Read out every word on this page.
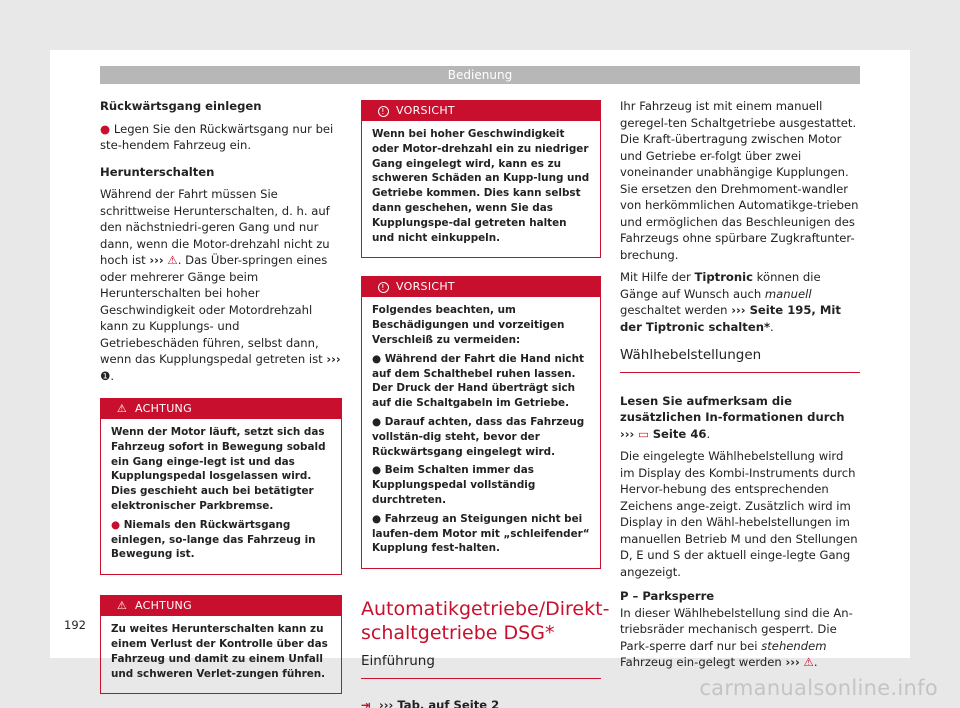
Bedienung

Rückwärtsgang einlegen

● Legen Sie den Rückwärtsgang nur bei ste-hendem Fahrzeug ein.

Herunterschalten

Während der Fahrt müssen Sie schrittweise Herunterschalten, d. h. auf den nächstniedri-geren Gang und nur dann, wenn die Motor-drehzahl nicht zu hoch ist ››› ⚠. Das Über-springen eines oder mehrerer Gänge beim Herunterschalten bei hoher Geschwindigkeit oder Motordrehzahl kann zu Kupplungs- und Getriebeschäden führen, selbst dann, wenn das Kupplungspedal getreten ist ››› ❶.

⚠ ACHTUNG

Wenn der Motor läuft, setzt sich das Fahrzeug sofort in Bewegung sobald ein Gang einge-legt ist und das Kupplungspedal losgelassen wird. Dies geschieht auch bei betätigter elektronischer Parkbremse.

● Niemals den Rückwärtsgang einlegen, so-lange das Fahrzeug in Bewegung ist.

⚠ ACHTUNG

Zu weites Herunterschalten kann zu einem Verlust der Kontrolle über das Fahrzeug und damit zu einem Unfall und schweren Verlet-zungen führen.

! VORSICHT

Wenn bei hoher Geschwindigkeit oder Motor-drehzahl ein zu niedriger Gang eingelegt wird, kann es zu schweren Schäden an Kupp-lung und Getriebe kommen. Dies kann selbst dann geschehen, wenn Sie das Kupplungspe-dal getreten halten und nicht einkuppeln.

! VORSICHT

Folgendes beachten, um Beschädigungen und vorzeitigen Verschleiß zu vermeiden:

● Während der Fahrt die Hand nicht auf dem Schalthebel ruhen lassen. Der Druck der Hand überträgt sich auf die Schaltgabeln im Getriebe.

● Darauf achten, dass das Fahrzeug vollstän-dig steht, bevor der Rückwärtsgang eingelegt wird.

● Beim Schalten immer das Kupplungspedal vollständig durchtreten.

● Fahrzeug an Steigungen nicht bei laufen-dem Motor mit „schleifender“ Kupplung fest-halten.

Automatikgetriebe/Direkt-schaltgetriebe DSG*
Einführung
⇥ ››› Tab. auf Seite 2

Ihr Fahrzeug ist mit einem manuell geregel-ten Schaltgetriebe ausgestattet. Die Kraft-übertragung zwischen Motor und Getriebe er-folgt über zwei voneinander unabhängige Kupplungen. Sie ersetzen den Drehmoment-wandler von herkömmlichen Automatikge-trieben und ermöglichen das Beschleunigen des Fahrzeugs ohne spürbare Zugkraftunter-brechung.

Mit Hilfe der Tiptronic können die Gänge auf Wunsch auch manuell geschaltet werden ››› Seite 195, Mit der Tiptronic schalten*.

Wählhebelstellungen

Lesen Sie aufmerksam die zusätzlichen In-formationen durch ››› ▭ Seite 46.

Die eingelegte Wählhebelstellung wird im Display des Kombi-Instruments durch Hervor-hebung des entsprechenden Zeichens ange-zeigt. Zusätzlich wird im Display in den Wähl-hebelstellungen im manuellen Betrieb M und den Stellungen D, E und S der aktuell einge-legte Gang angezeigt.

P – Parksperre

In dieser Wählhebelstellung sind die An-triebsräder mechanisch gesperrt. Die Park-sperre darf nur bei stehendem Fahrzeug ein-gelegt werden ››› ⚠.

192
carmanualsonline.info
